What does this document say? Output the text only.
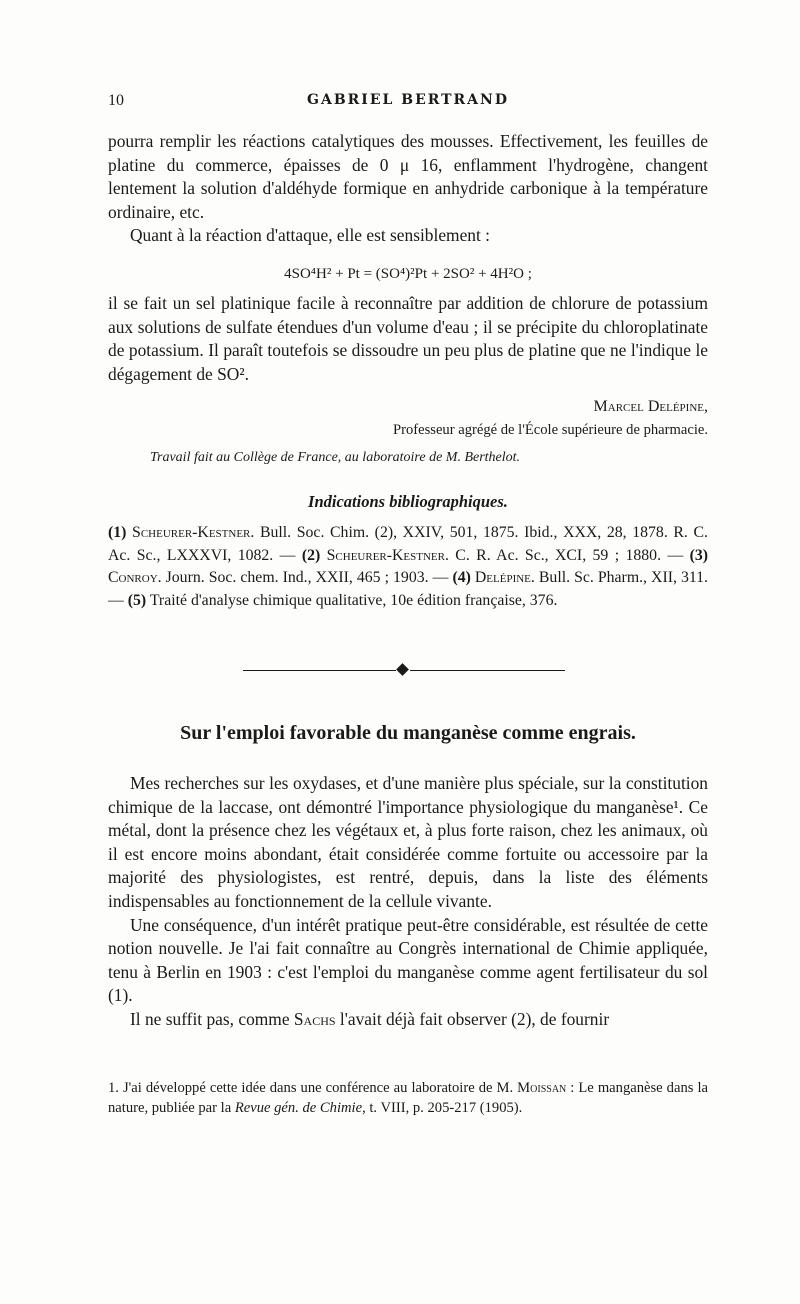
10	GABRIEL BERTRAND

pourra remplir les réactions catalytiques des mousses. Effectivement, les feuilles de platine du commerce, épaisses de 0 μ 16, enflamment l'hydrogène, changent lentement la solution d'aldéhyde formique en anhydride carbonique à la température ordinaire, etc.

Quant à la réaction d'attaque, elle est sensiblement :

4SO⁴H² + Pt = (SO⁴)²Pt + 2SO² + 4H²O ;

il se fait un sel platinique facile à reconnaître par addition de chlorure de potassium aux solutions de sulfate étendues d'un volume d'eau ; il se précipite du chloroplatinate de potassium. Il paraît toutefois se dissoudre un peu plus de platine que ne l'indique le dégagement de SO².

Marcel Delépine,
Professeur agrégé de l'École supérieure de pharmacie.
Travail fait au Collège de France, au laboratoire de M. Berthelot.
Indications bibliographiques.
(1) Scheurer-Kestner. Bull. Soc. Chim. (2), XXIV, 501, 1875. Ibid., XXX, 28, 1878. R. C. Ac. Sc., LXXXVI, 1082. — (2) Scheurer-Kestner. C. R. Ac. Sc., XCI, 59 ; 1880. — (3) Conroy. Journ. Soc. chem. Ind., XXII, 465 ; 1903. — (4) Delépine. Bull. Sc. Pharm., XII, 311. — (5) Traité d'analyse chimique qualitative, 10e édition française, 376.
Sur l'emploi favorable du manganèse comme engrais.

Mes recherches sur les oxydases, et d'une manière plus spéciale, sur la constitution chimique de la laccase, ont démontré l'importance physiologique du manganèse¹. Ce métal, dont la présence chez les végétaux et, à plus forte raison, chez les animaux, où il est encore moins abondant, était considérée comme fortuite ou accessoire par la majorité des physiologistes, est rentré, depuis, dans la liste des éléments indispensables au fonctionnement de la cellule vivante.

Une conséquence, d'un intérêt pratique peut-être considérable, est résultée de cette notion nouvelle. Je l'ai fait connaître au Congrès international de Chimie appliquée, tenu à Berlin en 1903 : c'est l'emploi du manganèse comme agent fertilisateur du sol (1).

Il ne suffit pas, comme Sachs l'avait déjà fait observer (2), de fournir

1. J'ai développé cette idée dans une conférence au laboratoire de M. Moissan : Le manganèse dans la nature, publiée par la Revue gén. de Chimie, t. VIII, p. 205-217 (1905).
